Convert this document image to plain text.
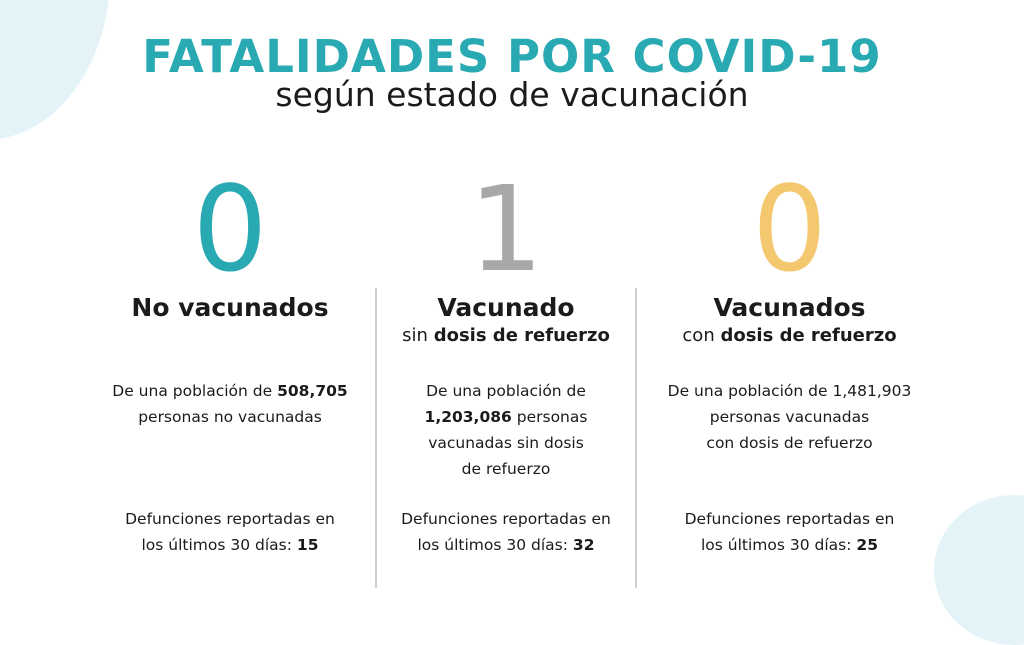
FATALIDADES POR COVID-19
según estado de vacunación
0
No vacunados
De una población de 508,705
personas no vacunadas
Defunciones reportadas en
los últimos 30 días: 15
1
Vacunado
sin dosis de refuerzo
De una población de
1,203,086 personas
vacunadas sin dosis
de refuerzo
Defunciones reportadas en
los últimos 30 días: 32
0
Vacunados
con dosis de refuerzo
De una población de 1,481,903
personas vacunadas
con dosis de refuerzo
Defunciones reportadas en
los últimos 30 días: 25
